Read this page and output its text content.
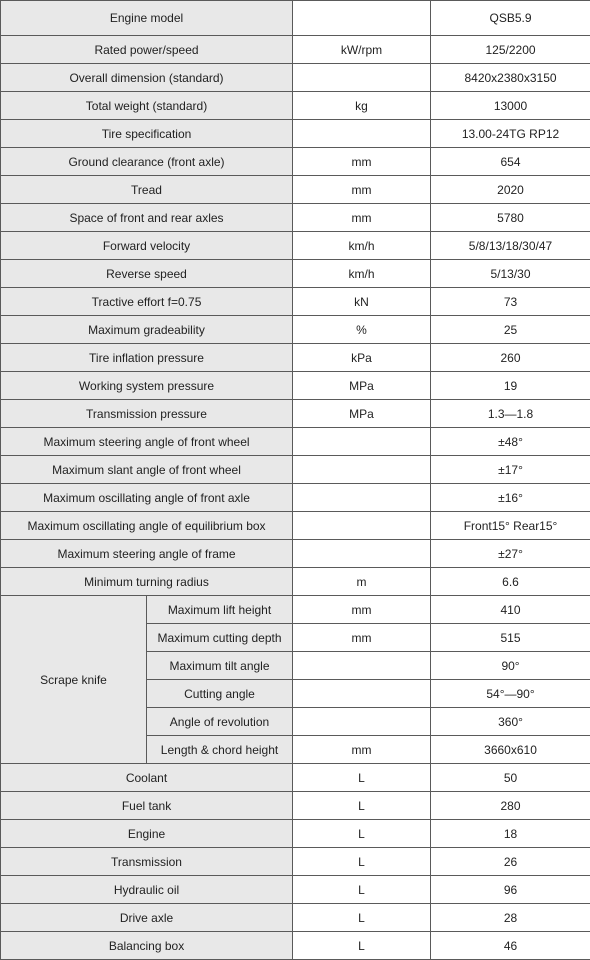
Engine model			QSB5.9
Rated power/speed		kW/rpm	125/2200
Overall dimension (standard)			8420x2380x3150
Total weight (standard)		kg	13000
Tire specification			13.00-24TG RP12
Ground clearance (front axle)		mm	654
Tread		mm	2020
Space of front and rear axles		mm	5780
Forward velocity		km/h	5/8/13/18/30/47
Reverse speed		km/h	5/13/30
Tractive effort f=0.75		kN	73
Maximum gradeability		%	25
Tire inflation pressure		kPa	260
Working system pressure		MPa	19
Transmission pressure		MPa	1.3—1.8
Maximum steering angle of front wheel			±48°
Maximum slant angle of front wheel			±17°
Maximum oscillating angle of front axle			±16°
Maximum oscillating angle of equilibrium box			Front15° Rear15°
Maximum steering angle of frame			±27°
Minimum turning radius		m	6.6
Scrape knife	Maximum lift height	mm	410
	Maximum cutting depth	mm	515
	Maximum tilt angle		90°
	Cutting angle		54°—90°
	Angle of revolution		360°
	Length & chord height	mm	3660x610
Coolant		L	50
Fuel tank		L	280
Engine		L	18
Transmission		L	26
Hydraulic oil		L	96
Drive axle		L	28
Balancing box		L	46
